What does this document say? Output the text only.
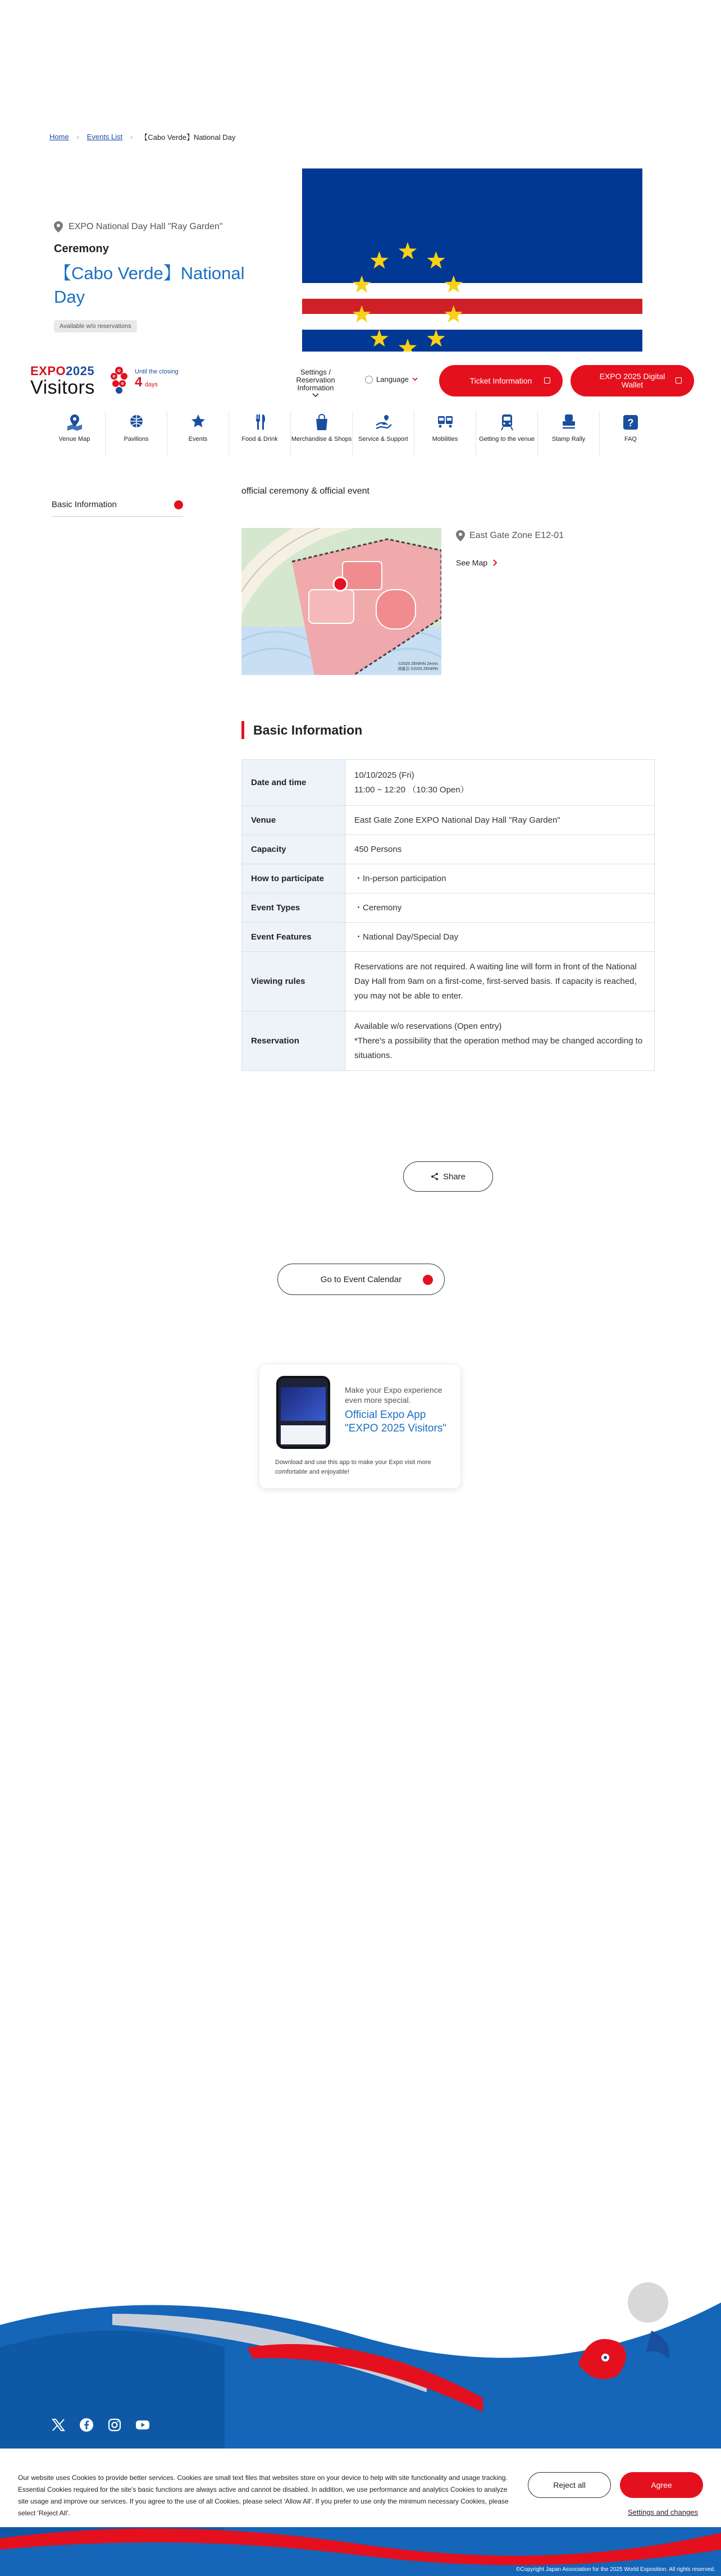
Home › Events List › 【Cabo Verde】National Day
EXPO National Day Hall "Ray Garden"
Ceremony
【Cabo Verde】National Day
Available w/o reservations
EXPO2025
Visitors
Until the closing
4 days
Settings / Reservation Information
Language	Ticket Information	EXPO 2025 Digital Wallet
Venue Map	Pavilions	Events	Food & Drink Merchandise & Shops Service & Support	Mobilities	Getting to the venue	Stamp Rally
?
FAQ
Basic Information

official ceremony & official event

©2025 ZENRIN Zenrin
測量法 ©2025 ZENRIN
East Gate Zone E12-01
See Map
Basic Information
Date and time	10/10/2025 (Fri)
11:00 ~ 12:20 （10:30 Open）

Venue	East Gate Zone EXPO National Day Hall "Ray Garden"
Capacity	450 Persons
How to participate	・ In-person participation
Event Types	・ Ceremony
Event Features	・ National Day/Special Day
Viewing rules	Reservations are not required. A waiting line will form in front of the National Day Hall from 9am on a first-come, first-served basis. If capacity is reached, you may not be able to enter.
Reservation	Available w/o reservations (Open entry)
*There's a possibility that the operation method may be changed according to situations.
Share
Go to Event Calendar
Make your Expo experience even more special.
Official Expo App
"EXPO 2025 Visitors"
Download and use this app to make your Expo visit more comfortable and enjoyable!

Our website uses Cookies to provide better services. Cookies are small text files that websites store on your device to help with site functionality and usage tracking. Essential Cookies required for the site's basic functions are always active and cannot be disabled. In addition, we use performance and analytics Cookies to analyze site usage and improve our services. If you agree to the use of all Cookies, please select 'Allow All'. If you prefer to use only the minimum necessary Cookies, please select 'Reject All'.

Reject all	Agree
Settings and changes
©Copyright Japan Association for the 2025 World Exposition. All rights reserved.
